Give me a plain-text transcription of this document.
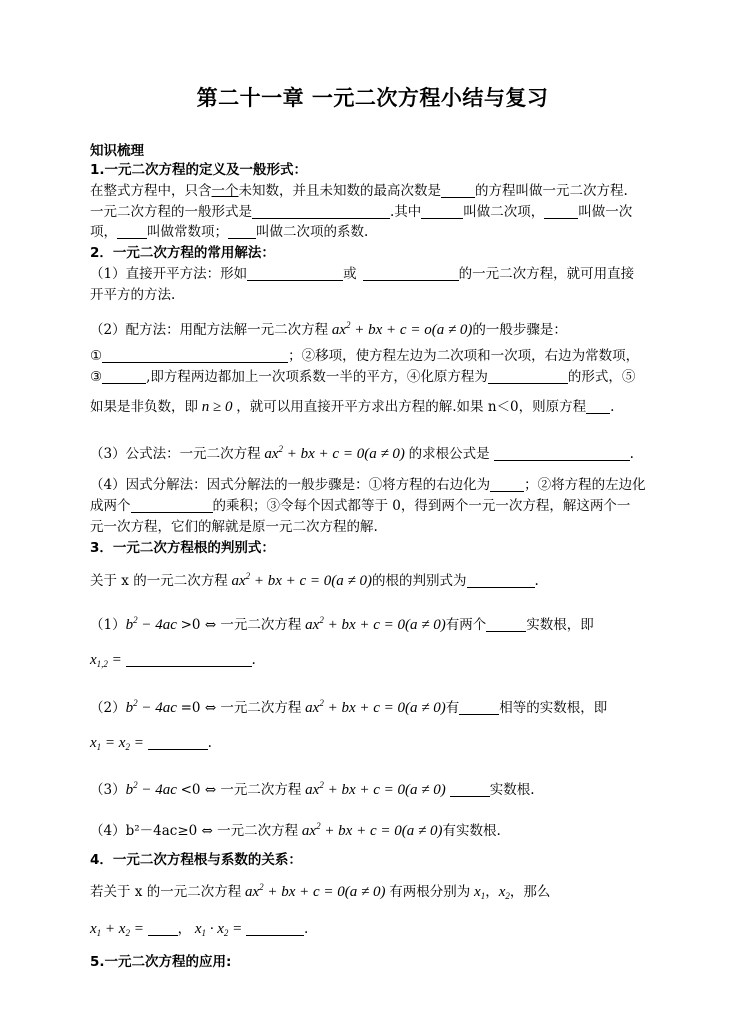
第二十一章 一元二次方程小结与复习
知识梳理
1.一元二次方程的定义及一般形式：
在整式方程中，只含一个未知数，并且未知数的最高次数是	的方程叫做一元二次方程.
一元二次方程的一般形式是	.其中	叫做二次项，	叫做一次
项， 叫做常数项； 叫做二次项的系数.
2．一元二次方程的常用解法：
（1）直接开平方法：形如	或	的一元二次方程，就可用直接
开平方的方法.
（2）配方法：用配方法解一元二次方程 $ax^2$ + bx + c = o(a ≠ 0)的一般步骤是：
①	；②移项，使方程左边为二次项和一次项，右边为常数项，
③	,即方程两边都加上一次项系数一半的平方，④化原方程为	的形式，⑤
如果是非负数，即 n ≥ 0 ，就可以用直接开平方求出方程的解.如果 n＜0，则原方程 .
（3）公式法：一元二次方程 $ax^2$ + bx + c = 0(a ≠ 0) 的求根公式是	.
（4）因式分解法：因式分解法的一般步骤是：①将方程的右边化为	；②将方程的左边化
成两个	的乘积；③令每个因式都等于 0，得到两个一元一次方程，解这两个一
元一次方程，它们的解就是原一元二次方程的解.
3．一元二次方程根的判别式：
关于 x 的一元二次方程 $ax^2$ + bx + c = 0(a ≠ 0)的根的判别式为	.
$(1)b^2 - 4ac >0$ ⇔ 一元二次方程 $ax^2$ + bx + c = 0(a ≠ 0)有两个	实数根，即
$x_{1,2}$ =	.
$(2)b^2 - 4ac =0$ ⇔ 一元二次方程 $ax^2$ + bx + c = 0(a ≠ 0)有	相等的实数根，即
$x_1 = x_2$ =	.
$(3)b^2 - 4ac <0$ ⇔ 一元二次方程 $ax^2$ + bx + c = 0(a ≠ 0)	实数根.
（4）b²－4ac≥0 ⇔ 一元二次方程 $ax^2$ + bx + c = 0(a ≠ 0)有实数根.
4．一元二次方程根与系数的关系：
若关于 x 的一元二次方程 $ax^2$ + bx + c = 0(a ≠ 0) 有两根分别为 $x_1$，$x_2$，那么
$x_1 + x_2$ = ， $x_1 \cdot x_2$ =	.
5.一元二次方程的应用:
